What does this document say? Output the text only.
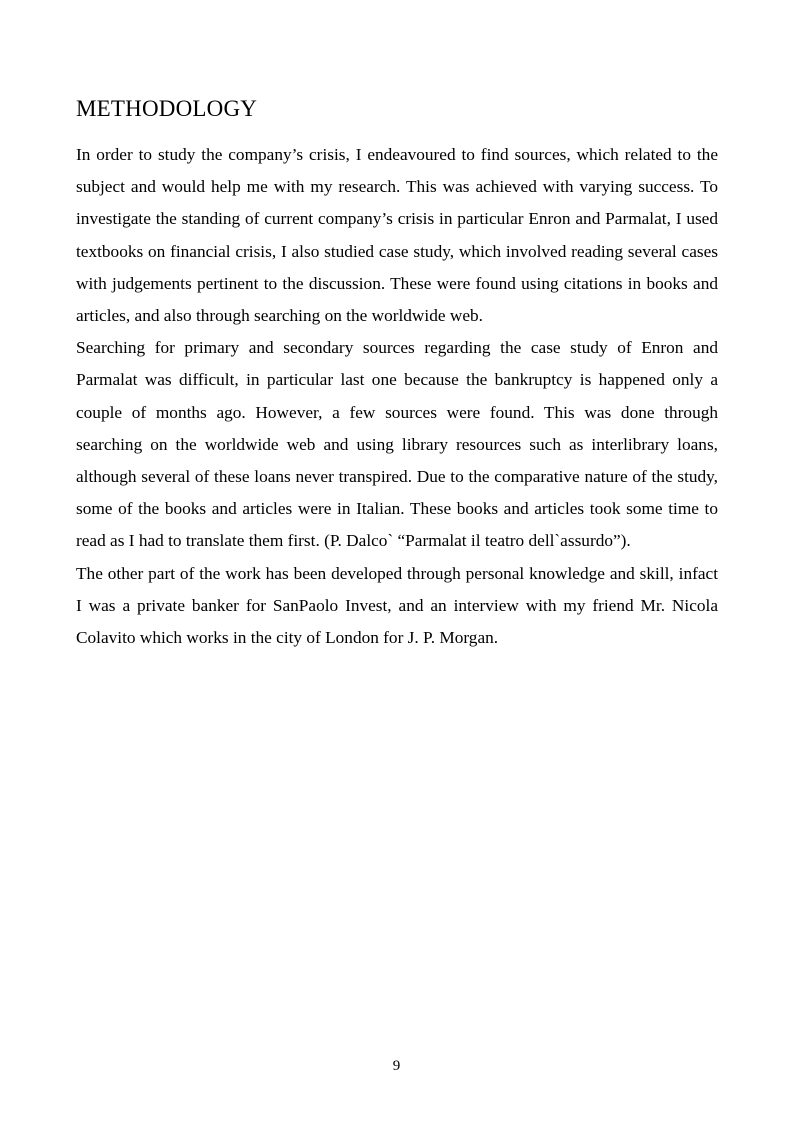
METHODOLOGY

In order to study the company’s crisis, I endeavoured to find sources, which related to the subject and would help me with my research. This was achieved with varying success. To investigate the standing of current company’s crisis in particular Enron and Parmalat, I used textbooks on financial crisis, I also studied case study, which involved reading several cases with judgements pertinent to the discussion. These were found using citations in books and articles, and also through searching on the worldwide web.

Searching for primary and secondary sources regarding the case study of Enron and Parmalat was difficult, in particular last one because the bankruptcy is happened only a couple of months ago. However, a few sources were found. This was done through searching on the worldwide web and using library resources such as interlibrary loans, although several of these loans never transpired. Due to the comparative nature of the study, some of the books and articles were in Italian. These books and articles took some time to read as I had to translate them first. (P. Dalco` “Parmalat il teatro dell`assurdo”).

The other part of the work has been developed through personal knowledge and skill, infact I was a private banker for SanPaolo Invest, and an interview with my friend Mr. Nicola Colavito which works in the city of London for J. P. Morgan.

9
